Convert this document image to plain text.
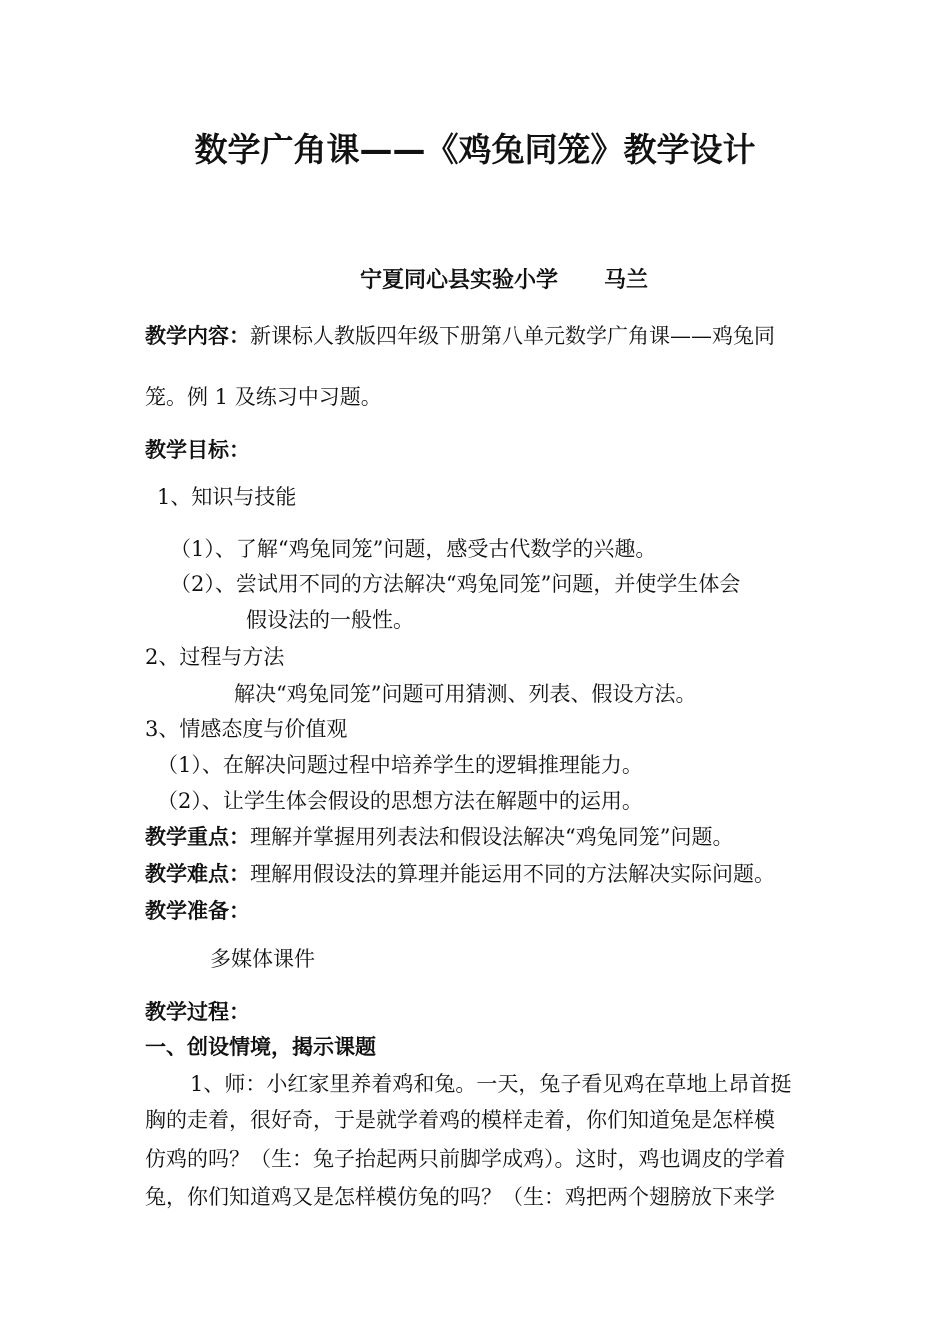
数学广角课——《鸡兔同笼》教学设计
宁夏同心县实验小学 马兰
教学内容：新课标人教版四年级下册第八单元数学广角课——鸡兔同
笼。例 1 及练习中习题。
教学目标：
1、知识与技能
（1）、了解“鸡兔同笼”问题，感受古代数学的兴趣。
（2）、尝试用不同的方法解决“鸡兔同笼”问题，并使学生体会
假设法的一般性。
2、过程与方法
解决“鸡兔同笼”问题可用猜测、列表、假设方法。
3、情感态度与价值观
（1）、在解决问题过程中培养学生的逻辑推理能力。
（2）、让学生体会假设的思想方法在解题中的运用。
教学重点：理解并掌握用列表法和假设法解决“鸡兔同笼”问题。
教学难点：理解用假设法的算理并能运用不同的方法解决实际问题。
教学准备：
多媒体课件
教学过程：
一、创设情境，揭示课题
1、师：小红家里养着鸡和兔。一天，兔子看见鸡在草地上昂首挺
胸的走着，很好奇，于是就学着鸡的模样走着，你们知道兔是怎样模
仿鸡的吗？（生：兔子抬起两只前脚学成鸡）。这时，鸡也调皮的学着
兔，你们知道鸡又是怎样模仿兔的吗？（生：鸡把两个翅膀放下来学
